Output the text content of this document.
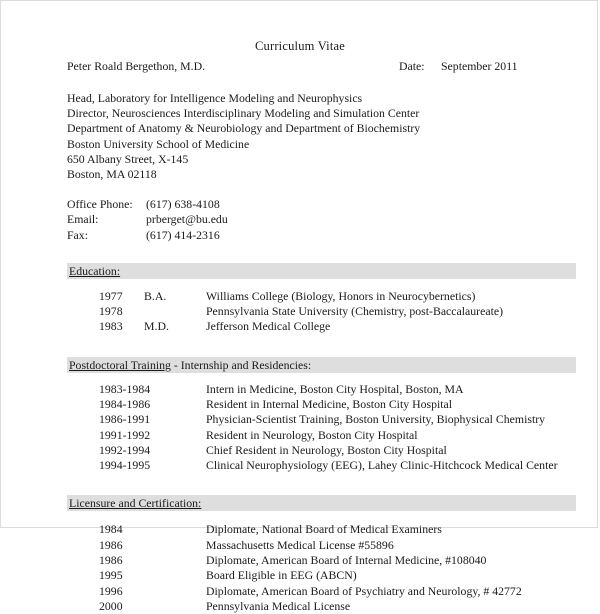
Curriculum Vitae
Peter Roald Bergethon, M.D.	Date: September 2011
Head, Laboratory for Intelligence Modeling and Neurophysics
Director, Neurosciences Interdisciplinary Modeling and Simulation Center
Department of Anatomy & Neurobiology and Department of Biochemistry
Boston University School of Medicine
650 Albany Street, X-145
Boston, MA 02118
Office Phone: (617) 638-4108
Email:	prberget@bu.edu
Fax:	(617) 414-2316
Education:
1977 B.A.	Williams College (Biology, Honors in Neurocybernetics)
1978	Pennsylvania State University (Chemistry, post-Baccalaureate)
1983 M.D.	Jefferson Medical College
Postdoctoral Training - Internship and Residencies:
1983-1984	Intern in Medicine, Boston City Hospital, Boston, MA
1984-1986	Resident in Internal Medicine, Boston City Hospital
1986-1991	Physician-Scientist Training, Boston University, Biophysical Chemistry
1991-1992	Resident in Neurology, Boston City Hospital
1992-1994	Chief Resident in Neurology, Boston City Hospital
1994-1995	Clinical Neurophysiology (EEG), Lahey Clinic-Hitchcock Medical Center
Licensure and Certification:
1984	Diplomate, National Board of Medical Examiners
1986	Massachusetts Medical License #55896
1986	Diplomate, American Board of Internal Medicine, #108040
1995	Board Eligible in EEG (ABCN)
1996	Diplomate, American Board of Psychiatry and Neurology, # 42772
2000	Pennsylvania Medical License
